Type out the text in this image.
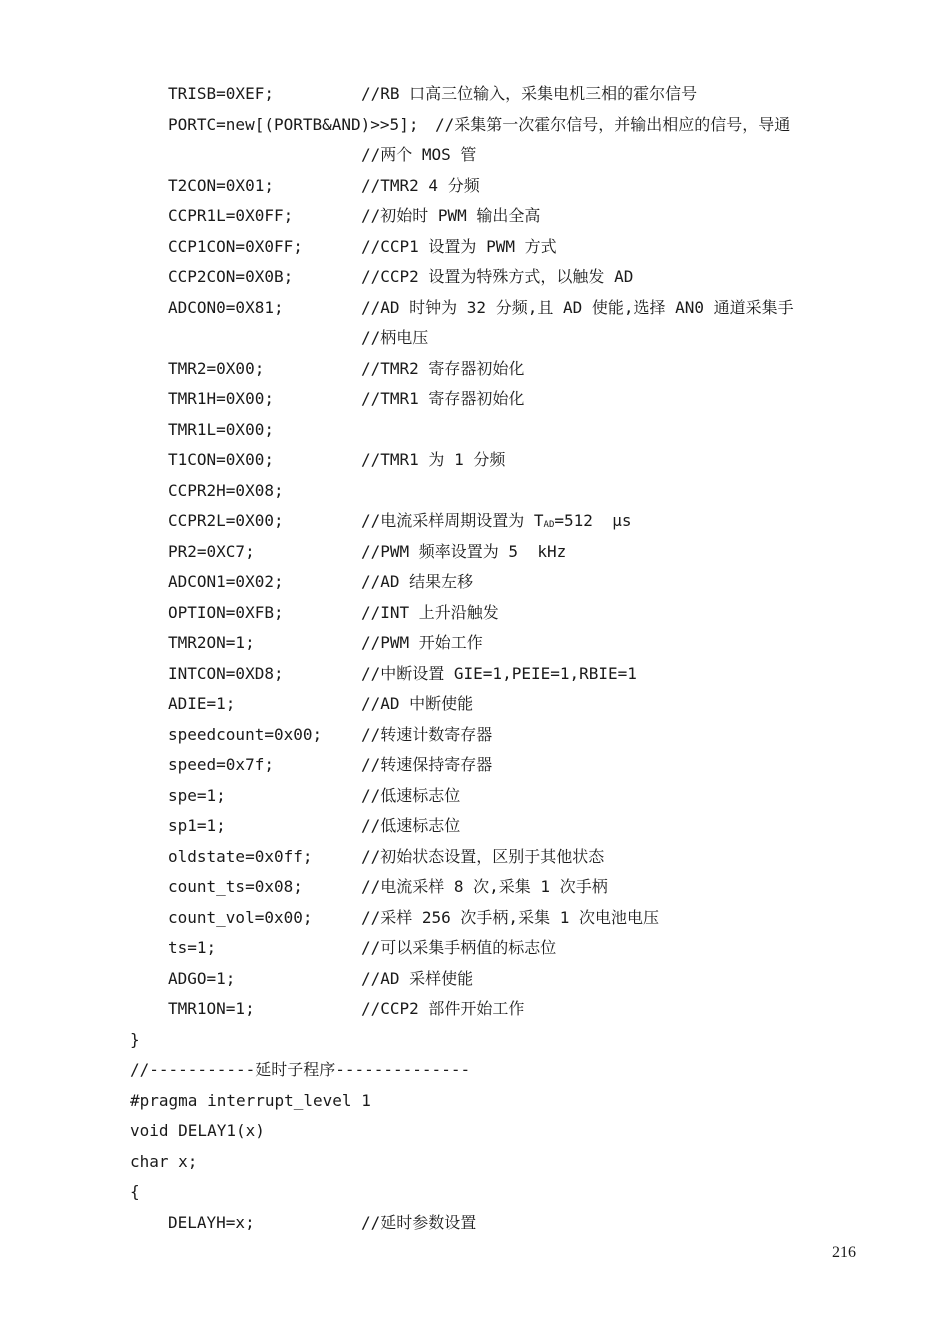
TRISB=0XEF;	//RB 口高三位输入，采集电机三相的霍尔信号
PORTC=new[(PORTB&AND)>>5]; //采集第一次霍尔信号，并输出相应的信号，导通
//两个 MOS 管
T2CON=0X01;	//TMR2 4 分频
CCPR1L=0X0FF;	//初始时 PWM 输出全高
CCP1CON=0X0FF;	//CCP1 设置为 PWM 方式
CCP2CON=0X0B;	//CCP2 设置为特殊方式，以触发 AD
ADCON0=0X81;	//AD 时钟为 32 分频,且 AD 使能,选择 AN0 通道采集手
//柄电压
TMR2=0X00;	//TMR2 寄存器初始化
TMR1H=0X00;	//TMR1 寄存器初始化
TMR1L=0X00;
T1CON=0X00;	//TMR1 为 1 分频
CCPR2H=0X08;
CCPR2L=0X00;	//电流采样周期设置为 $T_{AD}=512$  μs
PR2=0XC7;	//PWM 频率设置为 5  kHz
ADCON1=0X02;	//AD 结果左移
OPTION=0XFB;	//INT 上升沿触发
TMR2ON=1;	//PWM 开始工作
INTCON=0XD8;	//中断设置 GIE=1,PEIE=1,RBIE=1
ADIE=1;	//AD 中断使能
speedcount=0x00; //转速计数寄存器
speed=0x7f;	//转速保持寄存器
spe=1;	//低速标志位
sp1=1;	//低速标志位
oldstate=0x0ff;	//初始状态设置，区别于其他状态
count_ts=0x08;	//电流采样 8 次,采集 1 次手柄
count_vol=0x00;	//采样 256 次手柄,采集 1 次电池电压
ts=1;	//可以采集手柄值的标志位
ADGO=1;	//AD 采样使能
TMR1ON=1;	//CCP2 部件开始工作
}
//-----------延时子程序--------------
#pragma interrupt_level 1
void DELAY1(x)
char x;
{
DELAYH=x;	//延时参数设置
216
